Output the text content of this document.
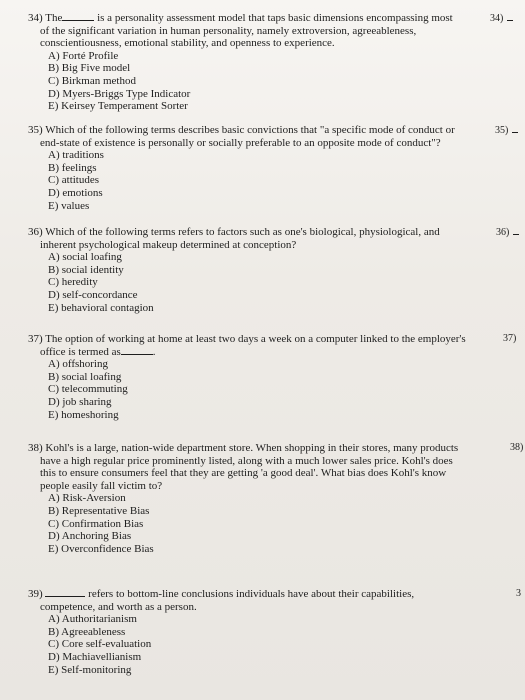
34) The	is a personality assessment model that taps basic dimensions encompassing most
of the significant variation in human personality, namely extroversion, agreeableness,
conscientiousness, emotional stability, and openness to experience.
A) Forté Profile
B) Big Five model
C) Birkman method
D) Myers-Briggs Type Indicator
E) Keirsey Temperament Sorter
34)
35) Which of the following terms describes basic convictions that "a specific mode of conduct or
end-state of existence is personally or socially preferable to an opposite mode of conduct"?
A) traditions
B) feelings
C) attitudes
D) emotions
E) values
35)
36) Which of the following terms refers to factors such as one's biological, physiological, and
inherent psychological makeup determined at conception?
A) social loafing
B) social identity
C) heredity
D) self-concordance
E) behavioral contagion
36)
37) The option of working at home at least two days a week on a computer linked to the employer's
office is termed as	.
A) offshoring
B) social loafing
C) telecommuting
D) job sharing
E) homeshoring
37)
38) Kohl's is a large, nation-wide department store. When shopping in their stores, many products
have a high regular price prominently listed, along with a much lower sales price. Kohl's does
this to ensure consumers feel that they are getting 'a good deal'. What bias does Kohl's know
people easily fall victim to?
A) Risk-Aversion
B) Representative Bias
C) Confirmation Bias
D) Anchoring Bias
E) Overconfidence Bias
38)
39)	refers to bottom-line conclusions individuals have about their capabilities,
competence, and worth as a person.
A) Authoritarianism
B) Agreeableness
C) Core self-evaluation
D) Machiavellianism
E) Self-monitoring
3
